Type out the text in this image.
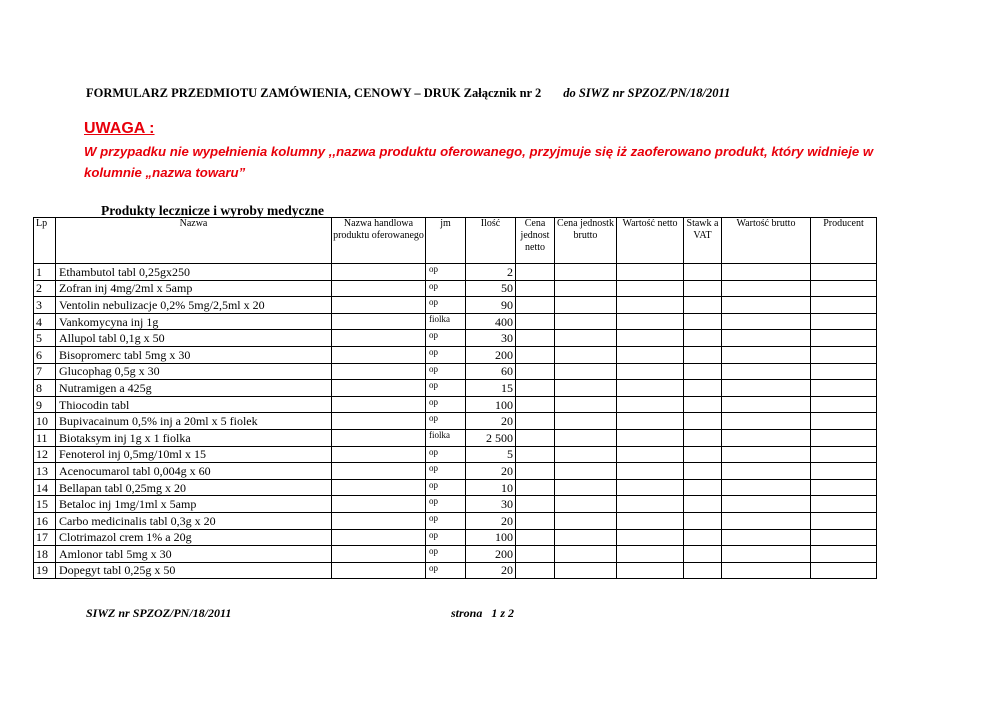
FORMULARZ PRZEDMIOTU ZAMÓWIENIA, CENOWY – DRUK Załącznik nr 2 do SIWZ nr SPZOZ/PN/18/2011
UWAGA :
W przypadku nie wypełnienia kolumny ,,nazwa produktu oferowanego, przyjmuje się iż zaoferowano produkt, który widnieje w kolumnie „nazwa towaru”
Produkty lecznicze i wyroby medyczne
Lp	Nazwa	Nazwa handlowa produktu oferowanego	jm	Ilość	Cena jednost netto	Cena jednostk brutto	Wartość netto	Stawk a VAT	Wartość brutto	Producent
1	Ethambutol tabl 0,25gx250		op	2						
2	Zofran inj 4mg/2ml x 5amp		op	50						
3	Ventolin nebulizacje 0,2% 5mg/2,5ml x 20		op	90						
4	Vankomycyna inj 1g		fiolka	400						
5	Allupol tabl 0,1g x 50		op	30						
6	Bisopromerc tabl 5mg x 30		op	200						
7	Glucophag 0,5g x 30		op	60						
8	Nutramigen a 425g		op	15						
9	Thiocodin tabl		op	100						
10	Bupivacainum 0,5% inj a 20ml x 5 fiolek		op	20						
11	Biotaksym inj 1g x 1 fiolka		fiolka	2 500						
12	Fenoterol inj 0,5mg/10ml x 15		op	5						
13	Acenocumarol tabl 0,004g x 60		op	20						
14	Bellapan tabl 0,25mg x 20		op	10						
15	Betaloc inj 1mg/1ml x 5amp		op	30						
16	Carbo medicinalis tabl 0,3g x 20		op	20						
17	Clotrimazol crem 1% a 20g		op	100						
18	Amlonor tabl 5mg x 30		op	200						
19	Dopegyt tabl 0,25g x 50		op	20						
SIWZ nr SPZOZ/PN/18/2011	strona 1 z 2
